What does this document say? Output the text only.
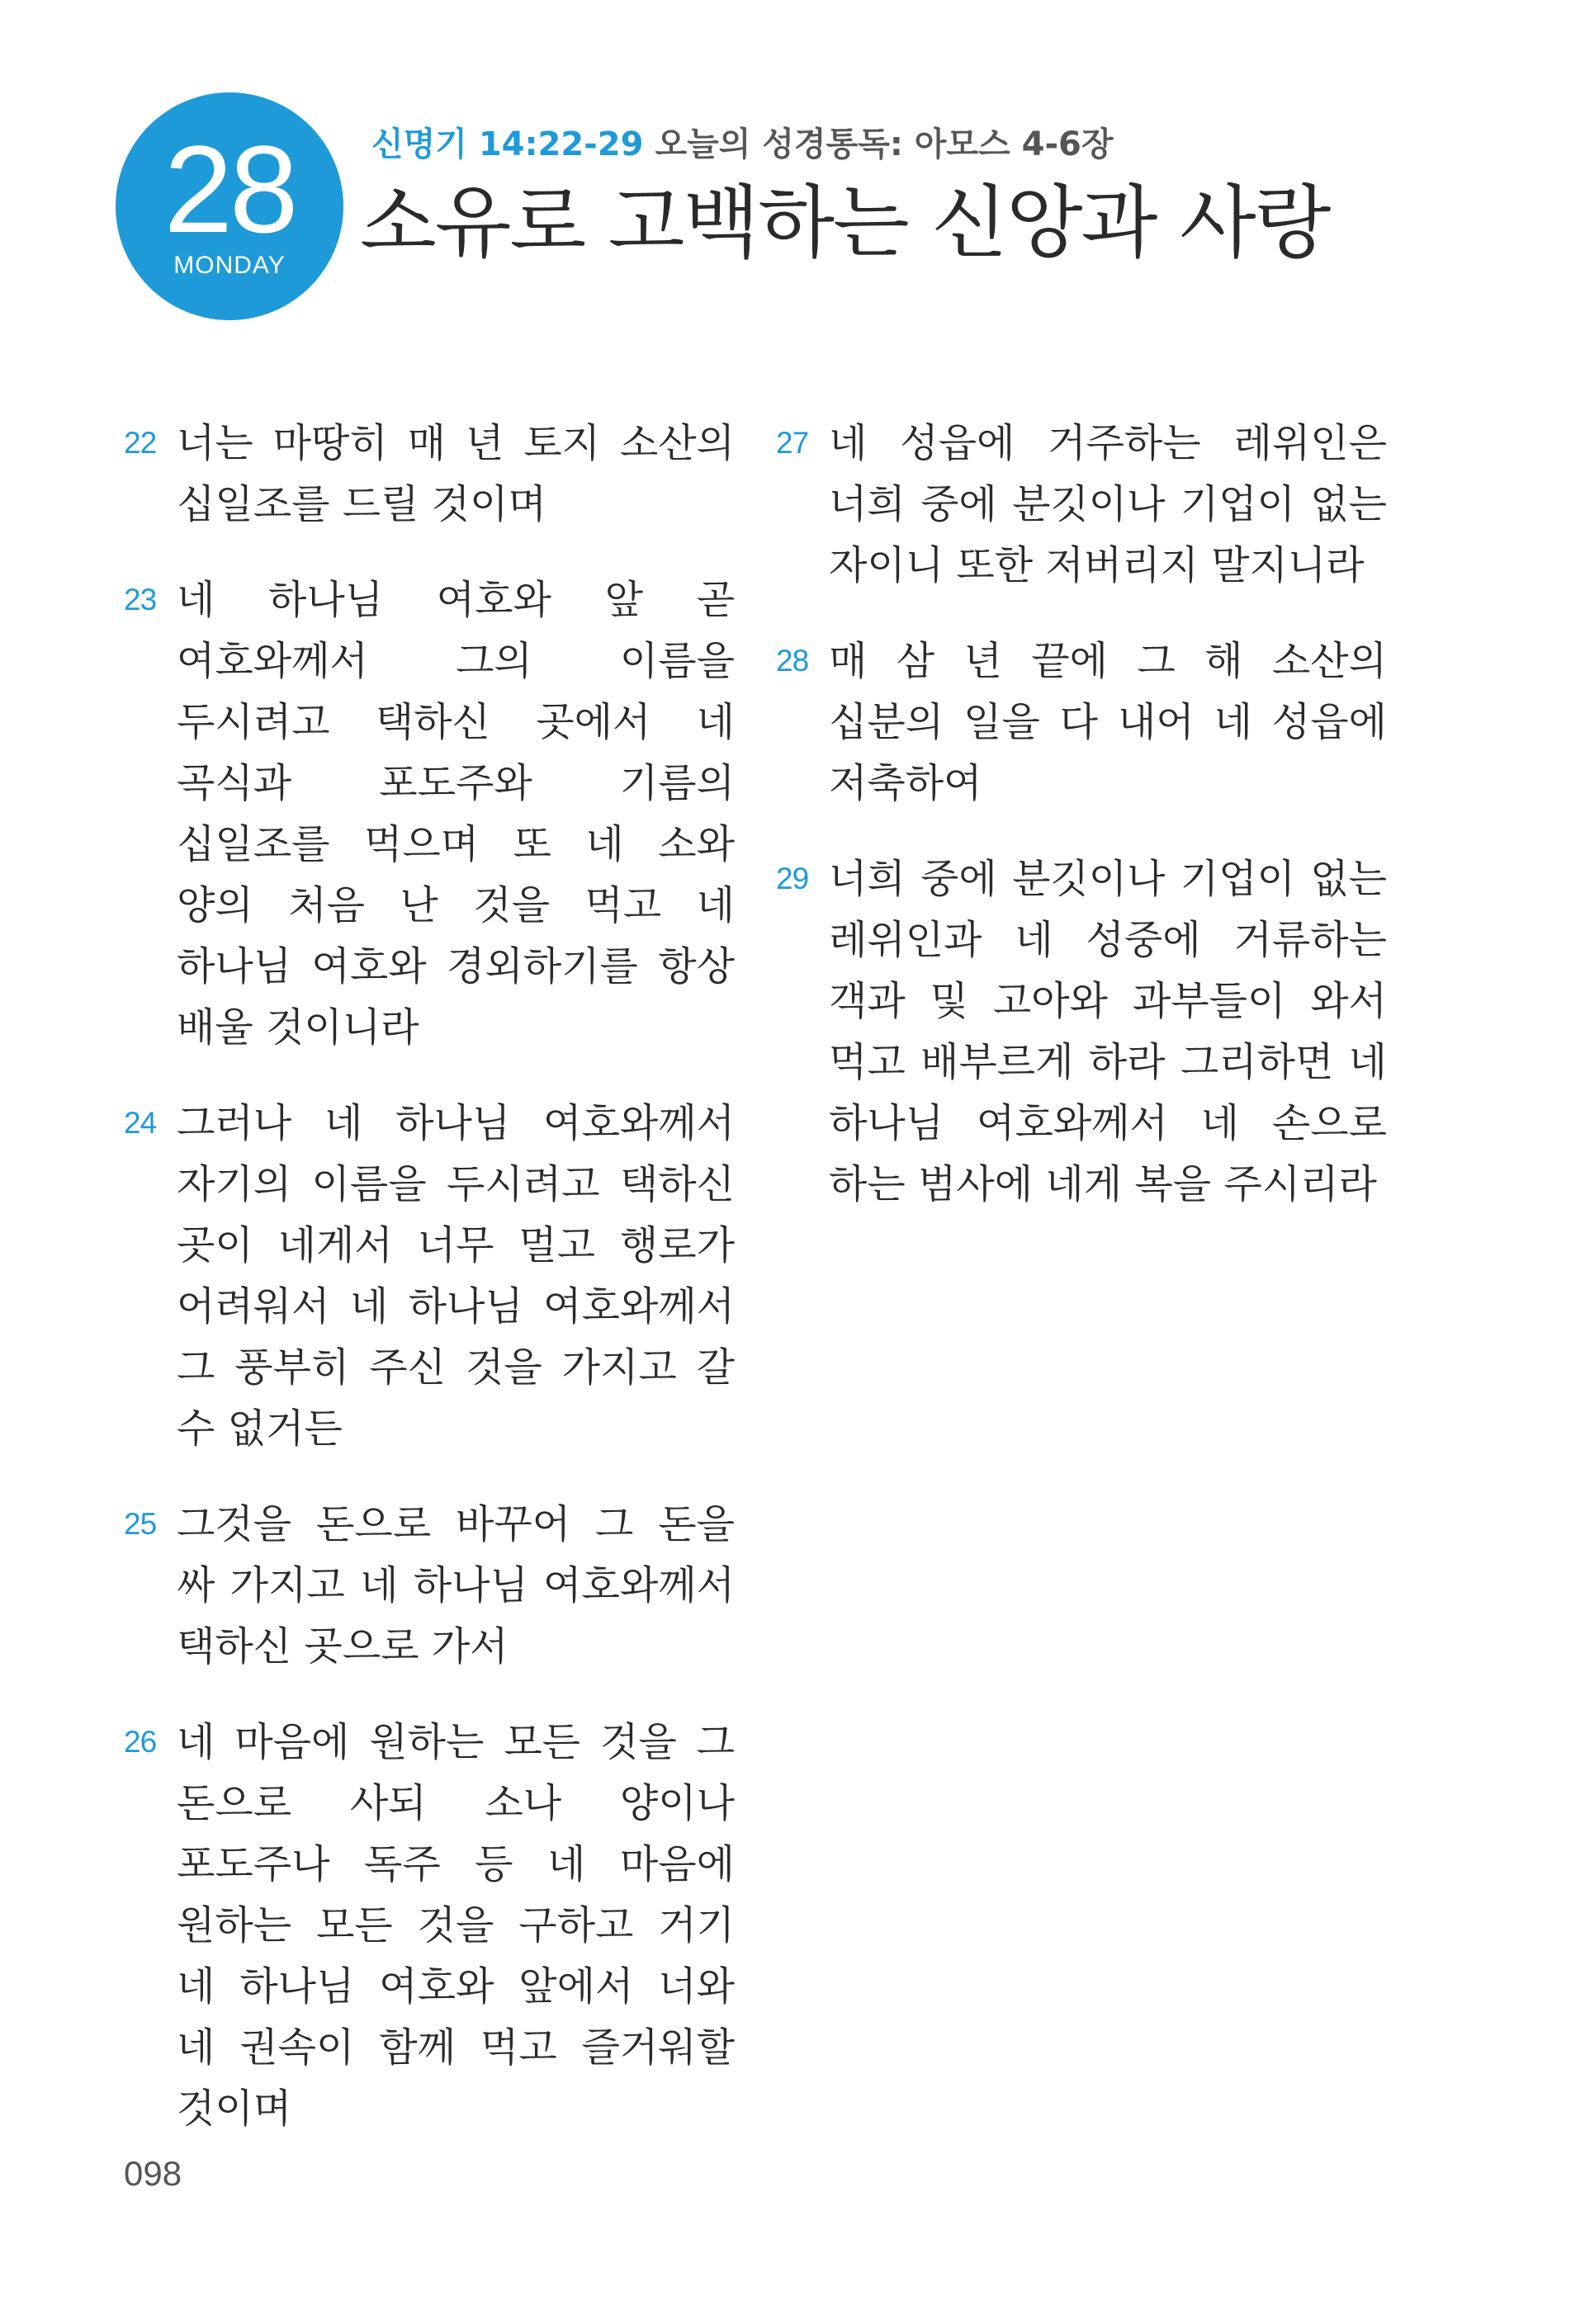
28
MONDAY
신명기 14:22-29 오늘의 성경통독: 아모스 4-6장
소유로 고백하는 신앙과 사랑
22 너는 마땅히 매 년 토지 소산의 십일조를 드릴 것이며
23 네 하나님 여호와 앞 곧 여호와께서 그의 이름을 두시려고 택하신 곳에서 네 곡식과 포도주와 기름의 십일조를 먹으며 또 네 소와 양의 처음 난 것을 먹고 네 하나님 여호와 경외하기를 항상 배울 것이니라
24 그러나 네 하나님 여호와께서 자기의 이름을 두시려고 택하신 곳이 네게서 너무 멀고 행로가 어려워서 네 하나님 여호와께서 그 풍부히 주신 것을 가지고 갈 수 없거든
25 그것을 돈으로 바꾸어 그 돈을 싸 가지고 네 하나님 여호와께서 택하신 곳으로 가서
26 네 마음에 원하는 모든 것을 그 돈으로 사되 소나 양이나 포도주나 독주 등 네 마음에 원하는 모든 것을 구하고 거기 네 하나님 여호와 앞에서 너와 네 권속이 함께 먹고 즐거워할 것이며
27 네 성읍에 거주하는 레위인은 너희 중에 분깃이나 기업이 없는 자이니 또한 저버리지 말지니라
28 매 삼 년 끝에 그 해 소산의 십분의 일을 다 내어 네 성읍에 저축하여
29 너희 중에 분깃이나 기업이 없는 레위인과 네 성중에 거류하는 객과 및 고아와 과부들이 와서 먹고 배부르게 하라 그리하면 네 하나님 여호와께서 네 손으로 하는 범사에 네게 복을 주시리라
098
